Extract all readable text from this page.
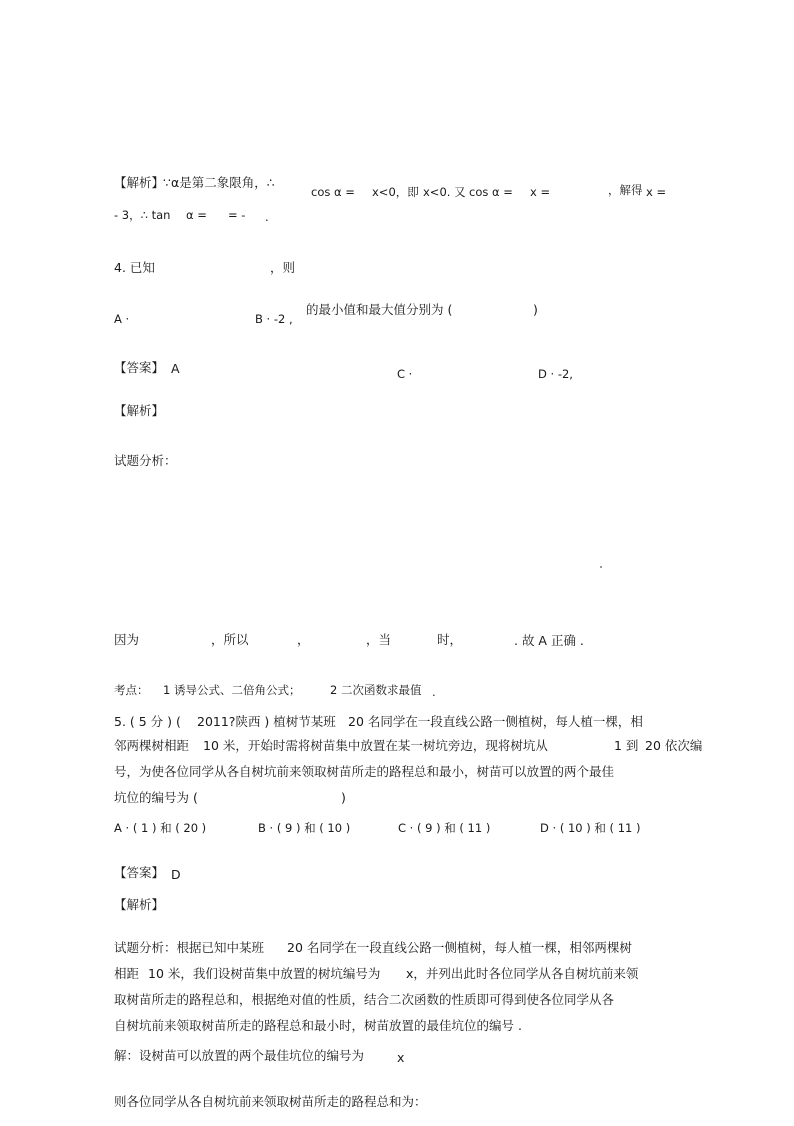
【解析】
∵α是第二象限角，∴
cos α = x<0，即 x<0. 又 cos α = x =	，解得 x =
- 3，∴ tan α = = - .
4. 已知	，则
A ·	B · -2 ,
的最小值和最大值分别为 (	)
【答案】 A	C ·	D · -2,
【解析】
试题分析：
因为	，所以	，	，当	时，	. 故 A 正确 .
考点： 1 诱导公式、二倍角公式；	2 二次函数求最值 .
5. ( 5 分 ) ( 2011?陕西 ) 植树节某班 20 名同学在一段直线公路一侧植树，每人植一棵，相
邻两棵树相距 10 米，开始时需将树苗集中放置在某一树坑旁边，现将树坑从	1 到 20 依次编
号，为使各位同学从各自树坑前来领取树苗所走的路程总和最小，树苗可以放置的两个最佳
坑位的编号为 (	)
A · ( 1 ) 和 ( 20 )	B · ( 9 ) 和 ( 10 )	C · ( 9 ) 和 ( 11 )	D · ( 10 ) 和 ( 11 )
【答案】 D
【解析】
试题分析：根据已知中某班 20 名同学在一段直线公路一侧植树，每人植一棵，相邻两棵树
相距 10 米，我们设树苗集中放置的树坑编号为 x，并列出此时各位同学从各自树坑前来领
取树苗所走的路程总和，根据绝对值的性质，结合二次函数的性质即可得到使各位同学从各
自树坑前来领取树苗所走的路程总和最小时，树苗放置的最佳坑位的编号 .
解：设树苗可以放置的两个最佳坑位的编号为	x
则各位同学从各自树坑前来领取树苗所走的路程总和为：
